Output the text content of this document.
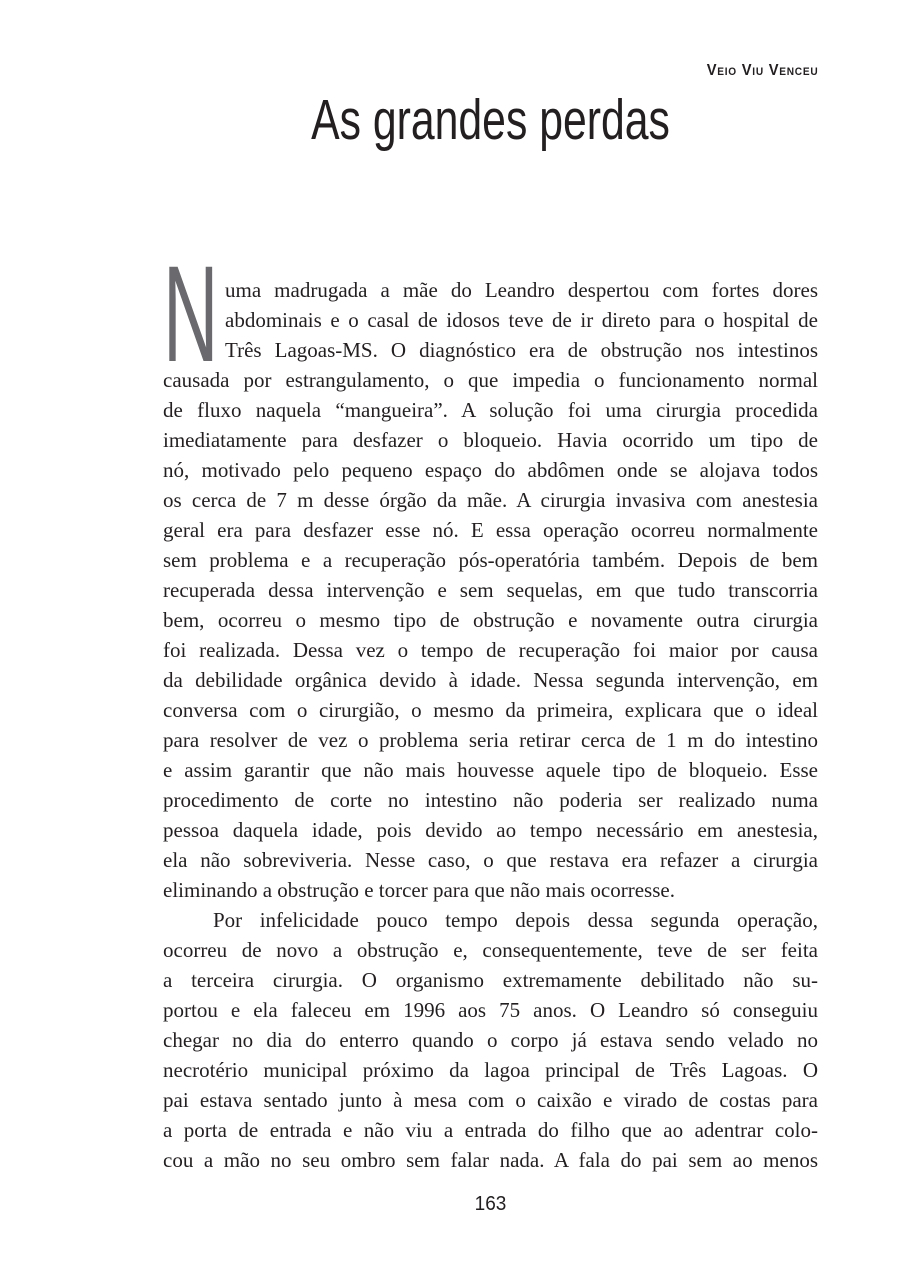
Veio Viu Venceu
As grandes perdas
N uma madrugada a mãe do Leandro despertou com fortes dores
abdominais e o casal de idosos teve de ir direto para o hospital de
Três Lagoas-MS. O diagnóstico era de obstrução nos intestinos
causada por estrangulamento, o que impedia o funcionamento normal
de fluxo naquela “mangueira”. A solução foi uma cirurgia procedida
imediatamente para desfazer o bloqueio. Havia ocorrido um tipo de
nó, motivado pelo pequeno espaço do abdômen onde se alojava todos
os cerca de 7 m desse órgão da mãe. A cirurgia invasiva com anestesia
geral era para desfazer esse nó. E essa operação ocorreu normalmente
sem problema e a recuperação pós-operatória também. Depois de bem
recuperada dessa intervenção e sem sequelas, em que tudo transcorria
bem, ocorreu o mesmo tipo de obstrução e novamente outra cirurgia
foi realizada. Dessa vez o tempo de recuperação foi maior por causa
da debilidade orgânica devido à idade. Nessa segunda intervenção, em
conversa com o cirurgião, o mesmo da primeira, explicara que o ideal
para resolver de vez o problema seria retirar cerca de 1 m do intestino
e assim garantir que não mais houvesse aquele tipo de bloqueio. Esse
procedimento de corte no intestino não poderia ser realizado numa
pessoa daquela idade, pois devido ao tempo necessário em anestesia,
ela não sobreviveria. Nesse caso, o que restava era refazer a cirurgia
eliminando a obstrução e torcer para que não mais ocorresse.
Por infelicidade pouco tempo depois dessa segunda operação,
ocorreu de novo a obstrução e, consequentemente, teve de ser feita
a terceira cirurgia. O organismo extremamente debilitado não su-
portou e ela faleceu em 1996 aos 75 anos. O Leandro só conseguiu
chegar no dia do enterro quando o corpo já estava sendo velado no
necrotério municipal próximo da lagoa principal de Três Lagoas. O
pai estava sentado junto à mesa com o caixão e virado de costas para
a porta de entrada e não viu a entrada do filho que ao adentrar colo-
cou a mão no seu ombro sem falar nada. A fala do pai sem ao menos
163
